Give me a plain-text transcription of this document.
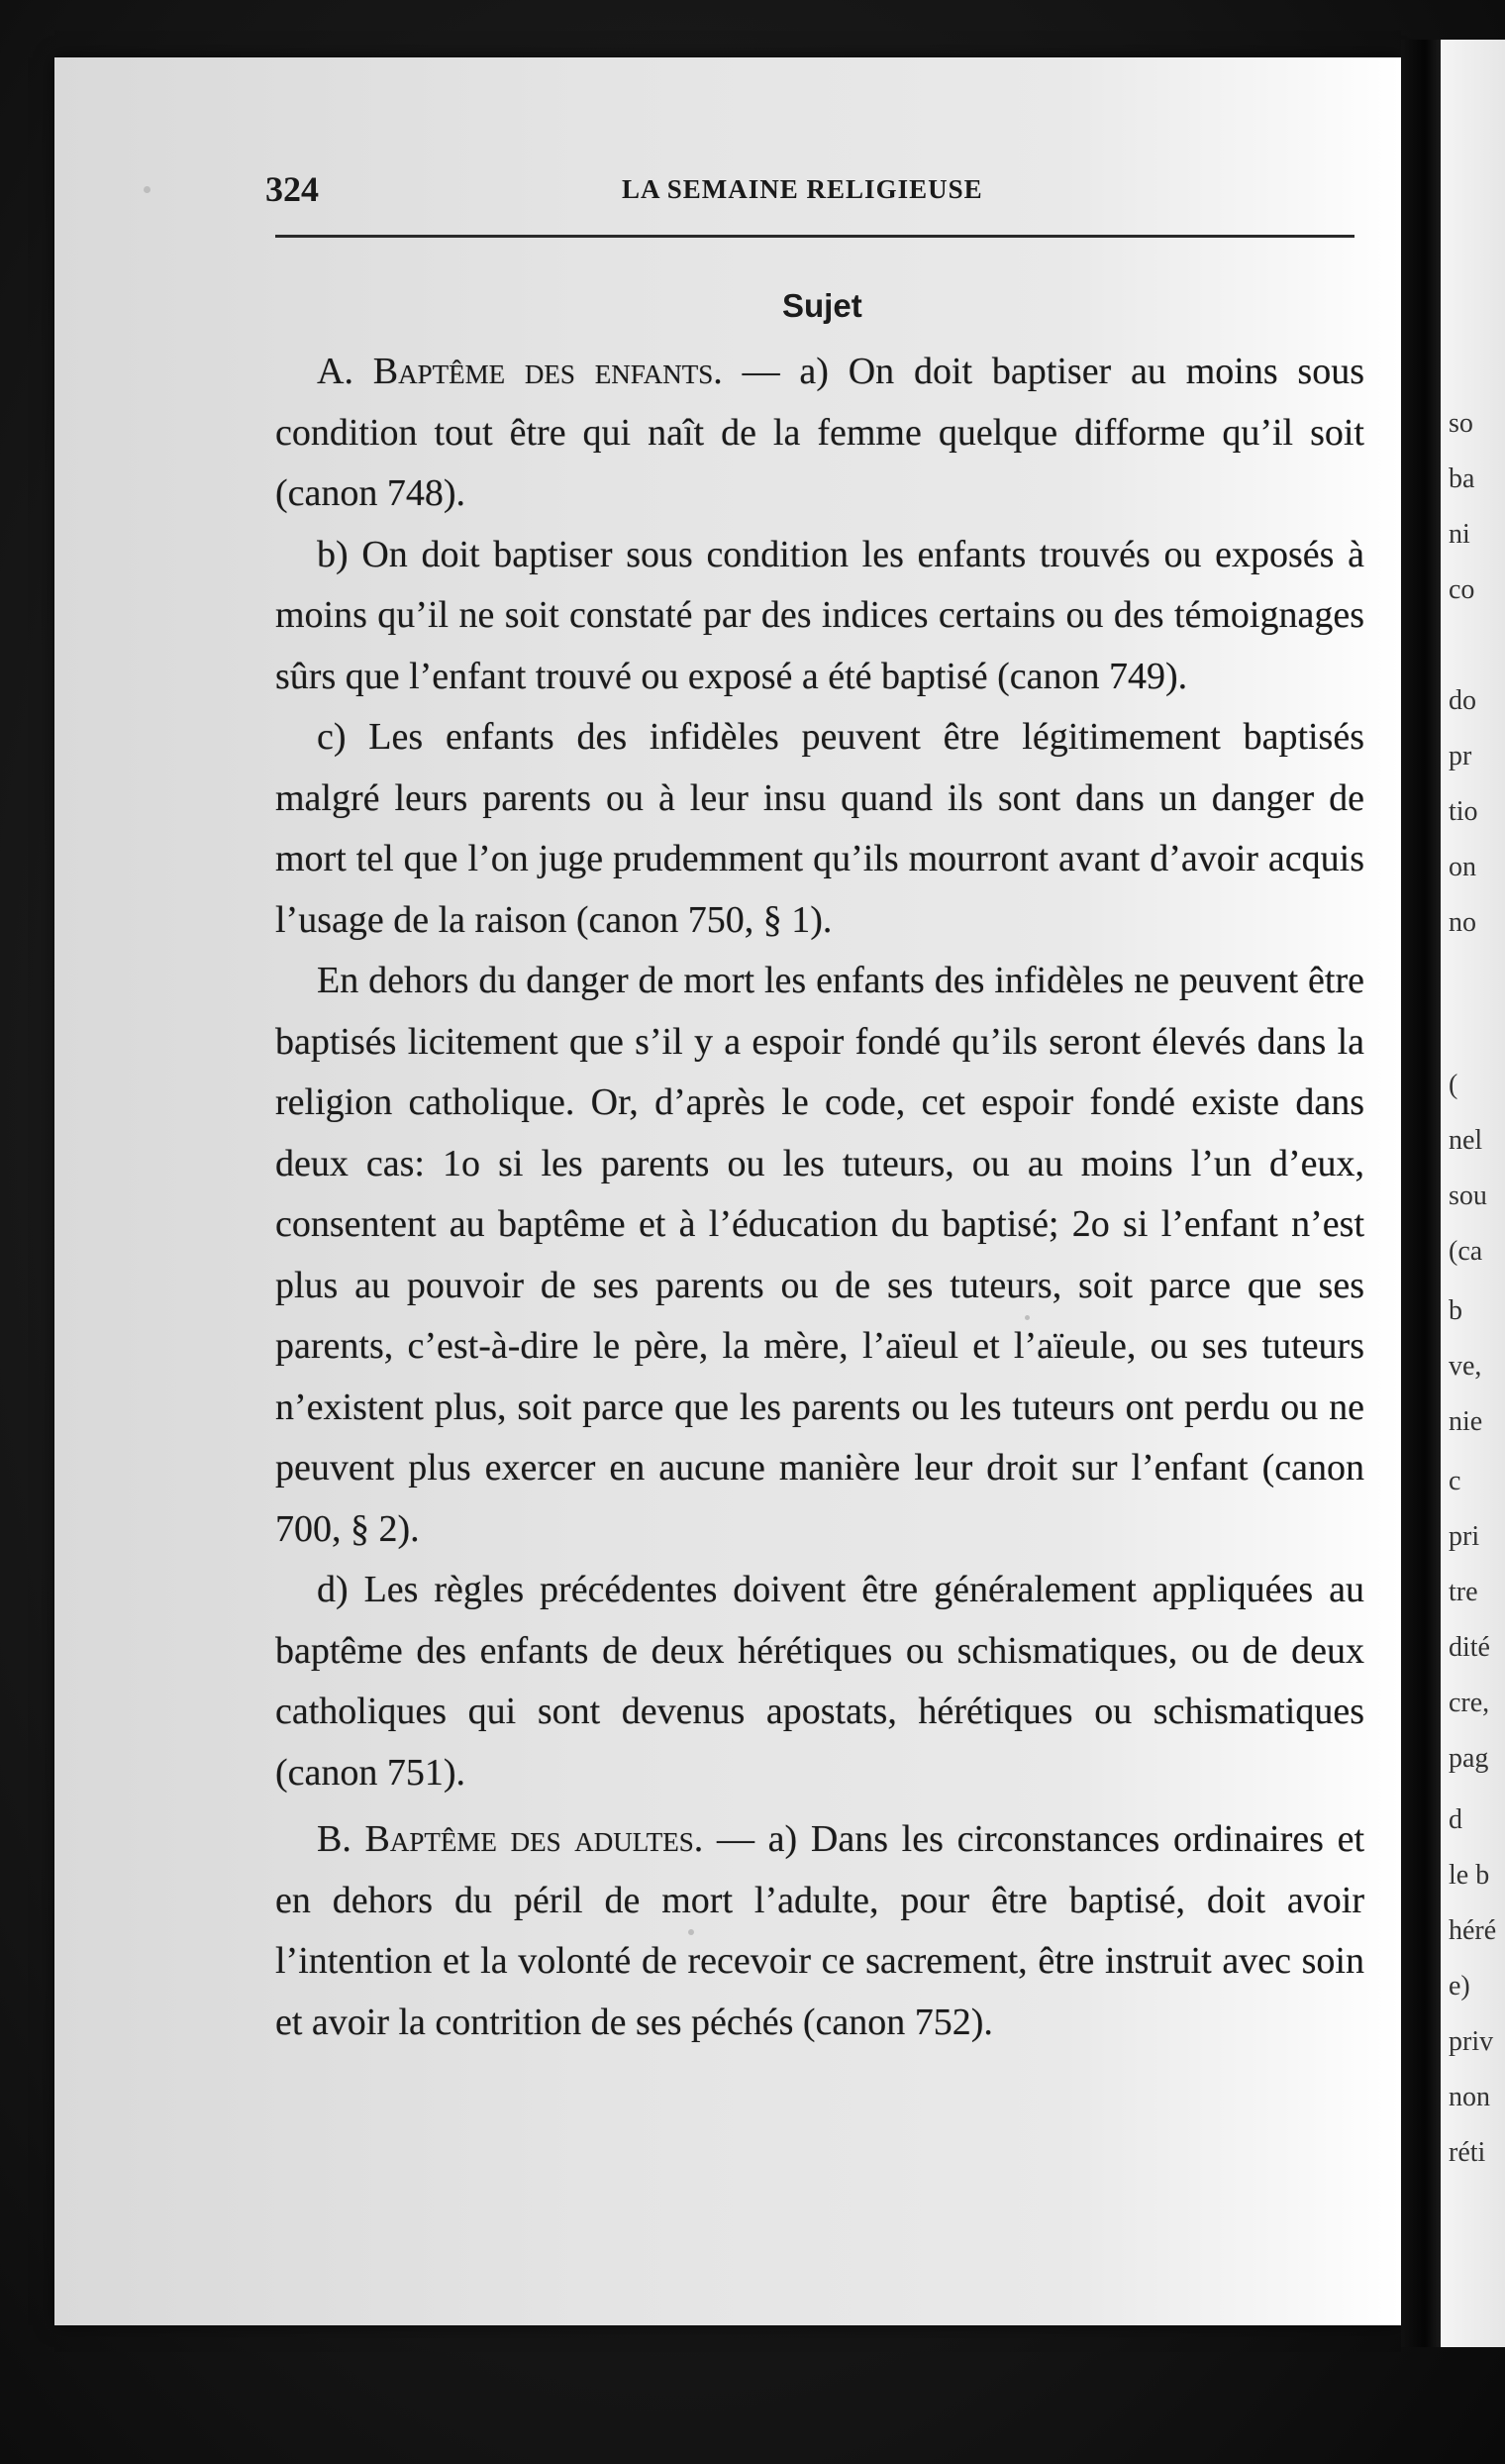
324	LA SEMAINE RELIGIEUSE
Sujet

A. Baptême des enfants. — a) On doit baptiser au moins sous condition tout être qui naît de la femme quelque difforme qu’il soit (canon 748).

b) On doit baptiser sous condition les enfants trouvés ou exposés à moins qu’il ne soit constaté par des indices certains ou des témoignages sûrs que l’enfant trouvé ou exposé a été baptisé (canon 749).

c) Les enfants des infidèles peuvent être légitimement baptisés malgré leurs parents ou à leur insu quand ils sont dans un danger de mort tel que l’on juge prudemment qu’ils mourront avant d’avoir acquis l’usage de la raison (canon 750, § 1).

En dehors du danger de mort les enfants des infidèles ne peuvent être baptisés licitement que s’il y a espoir fondé qu’ils seront élevés dans la religion catholique. Or, d’après le code, cet espoir fondé existe dans deux cas: 1o si les parents ou les tuteurs, ou au moins l’un d’eux, consentent au baptême et à l’éducation du baptisé; 2o si l’enfant n’est plus au pouvoir de ses parents ou de ses tuteurs, soit parce que ses parents, c’est-à-dire le père, la mère, l’aïeul et l’aïeule, ou ses tuteurs n’existent plus, soit parce que les parents ou les tuteurs ont perdu ou ne peuvent plus exercer en aucune manière leur droit sur l’enfant (canon 700, § 2).

d) Les règles précédentes doivent être généralement appliquées au baptême des enfants de deux hérétiques ou schismatiques, ou de deux catholiques qui sont devenus apostats, hérétiques ou schismatiques (canon 751).

B. Baptême des adultes. — a) Dans les circonstances ordinaires et en dehors du péril de mort l’adulte, pour être baptisé, doit avoir l’intention et la volonté de recevoir ce sacrement, être instruit avec soin et avoir la contrition de ses péchés (canon 752).

so
ba
ni
co
do
pr
tio
on
no
(
nel
sou
(ca
b
ve,
nie
c
pri
tre
dité
cre,
pag
d
le b
héré
e)
priv
non
réti
